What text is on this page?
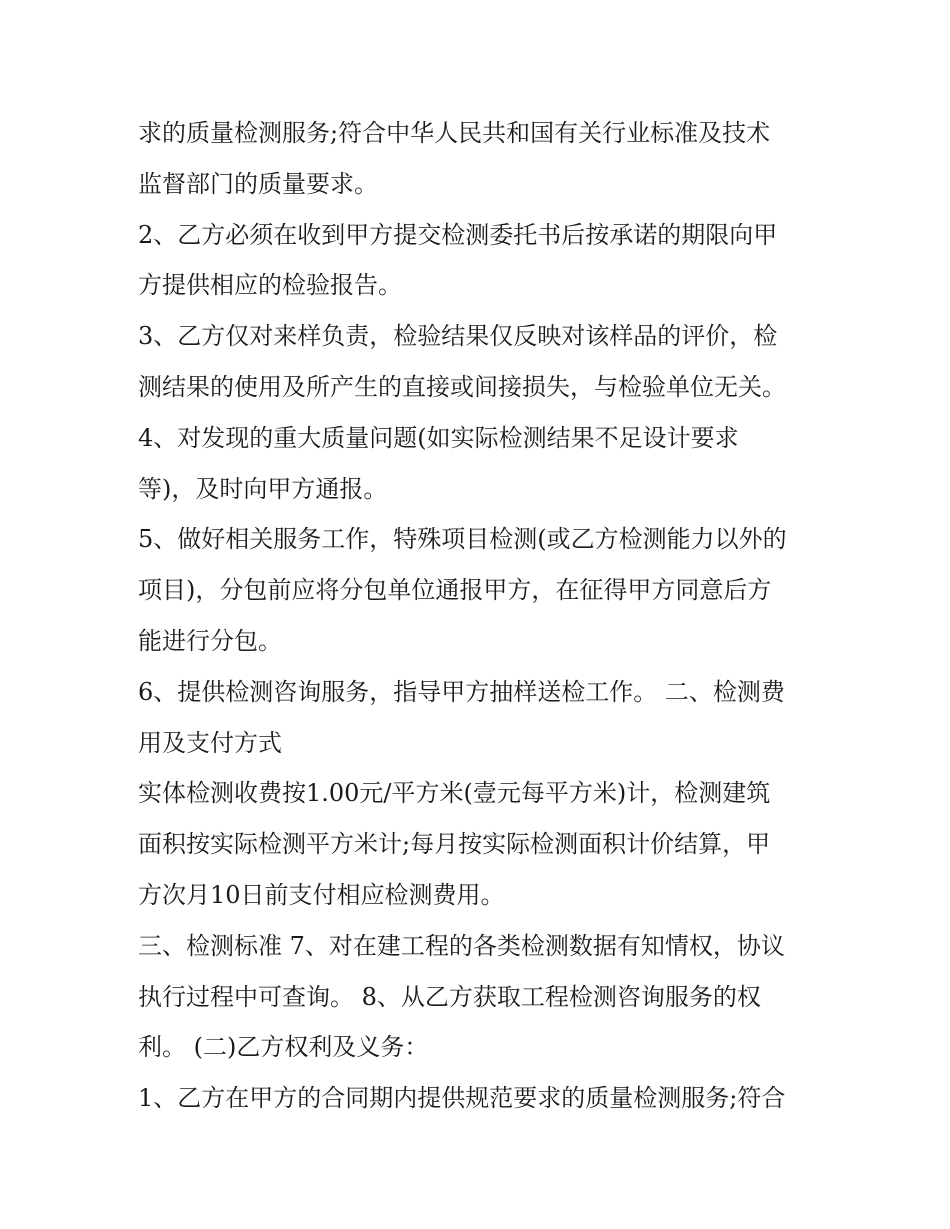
求的质量检测服务;符合中华人民共和国有关行业标准及技术
监督部门的质量要求。
2、乙方必须在收到甲方提交检测委托书后按承诺的期限向甲
方提供相应的检验报告。
3、乙方仅对来样负责，检验结果仅反映对该样品的评价，检
测结果的使用及所产生的直接或间接损失，与检验单位无关。
4、对发现的重大质量问题(如实际检测结果不足设计要求
等)，及时向甲方通报。
5、做好相关服务工作，特殊项目检测(或乙方检测能力以外的
项目)，分包前应将分包单位通报甲方，在征得甲方同意后方
能进行分包。
6、提供检测咨询服务，指导甲方抽样送检工作。 二、检测费
用及支付方式
实体检测收费按1.00元/平方米(壹元每平方米)计，检测建筑
面积按实际检测平方米计;每月按实际检测面积计价结算，甲
方次月10日前支付相应检测费用。
三、检测标准 7、对在建工程的各类检测数据有知情权，协议
执行过程中可查询。 8、从乙方获取工程检测咨询服务的权
利。 (二)乙方权利及义务：
1、乙方在甲方的合同期内提供规范要求的质量检测服务;符合
